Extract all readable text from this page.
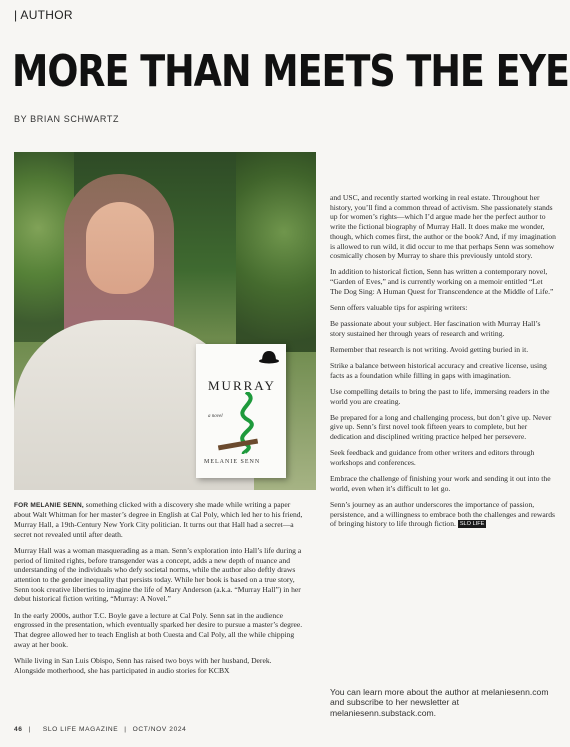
| AUTHOR
MORE THAN MEETS THE EYE
BY BRIAN SCHWARTZ
MURRAY
a novel
MELANIE SENN

FOR MELANIE SENN, something clicked with a discovery she made while writing a paper about Walt Whitman for her master’s degree in English at Cal Poly, which led her to his friend, Murray Hall, a 19th-Century New York City politician. It turns out that Hall had a secret—a secret not revealed until after death.

Murray Hall was a woman masquerading as a man. Senn’s exploration into Hall’s life during a period of limited rights, before transgender was a concept, adds a new depth of nuance and understanding of the individuals who defy societal norms, while the author also deftly draws attention to the gender inequality that persists today. While her book is based on a true story, Senn took creative liberties to imagine the life of Mary Anderson (a.k.a. “Murray Hall”) in her debut historical fiction writing, “Murray: A Novel.”

In the early 2000s, author T.C. Boyle gave a lecture at Cal Poly. Senn sat in the audience engrossed in the presentation, which eventually sparked her desire to pursue a master’s degree. That degree allowed her to teach English at both Cuesta and Cal Poly, all the while chipping away at her book.

While living in San Luis Obispo, Senn has raised two boys with her husband, Derek. Alongside motherhood, she has participated in audio stories for KCBX

and USC, and recently started working in real estate. Throughout her history, you’ll find a common thread of activism. She passionately stands up for women’s rights—which I’d argue made her the perfect author to write the fictional biography of Murray Hall. It does make me wonder, though, which comes first, the author or the book? And, if my imagination is allowed to run wild, it did occur to me that perhaps Senn was somehow cosmically chosen by Murray to share this previously untold story.

In addition to historical fiction, Senn has written a contemporary novel, “Garden of Eves,” and is currently working on a memoir entitled “Let The Dog Sing: A Human Quest for Transcendence at the Middle of Life.”

Senn offers valuable tips for aspiring writers:

Be passionate about your subject. Her fascination with Murray Hall’s story sustained her through years of research and writing.

Remember that research is not writing. Avoid getting buried in it.

Strike a balance between historical accuracy and creative license, using facts as a foundation while filling in gaps with imagination.

Use compelling details to bring the past to life, immersing readers in the world you are creating.

Be prepared for a long and challenging process, but don’t give up. Never give up. Senn’s first novel took fifteen years to complete, but her dedication and disciplined writing practice helped her persevere.

Seek feedback and guidance from other writers and editors through workshops and conferences.

Embrace the challenge of finishing your work and sending it out into the world, even when it’s difficult to let go.

Senn’s journey as an author underscores the importance of passion, persistence, and a willingness to embrace both the challenges and rewards of bringing history to life through fiction. SLO LIFE

You can learn more about the author at melaniesenn.com and subscribe to her newsletter at melaniesenn.substack.com.
46 | SLO LIFE MAGAZINE | OCT/NOV 2024
